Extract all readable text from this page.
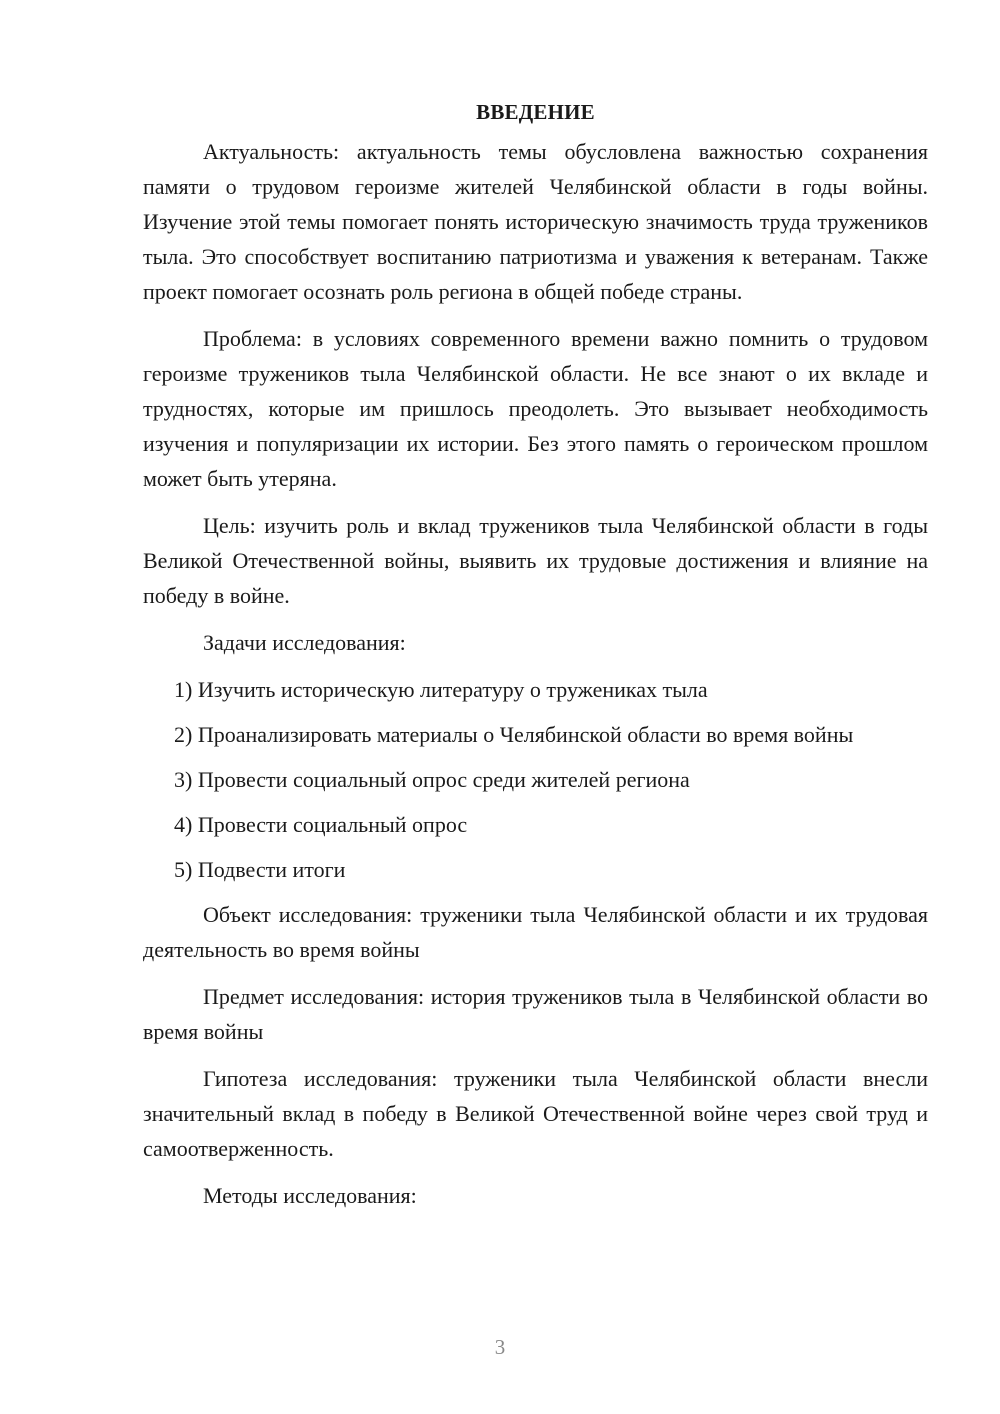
ВВЕДЕНИЕ

Актуальность: актуальность темы обусловлена важностью сохранения памяти о трудовом героизме жителей Челябинской области в годы войны. Изучение этой темы помогает понять историческую значимость труда тружеников тыла. Это способствует воспитанию патриотизма и уважения к ветеранам. Также проект помогает осознать роль региона в общей победе страны.

Проблема: в условиях современного времени важно помнить о трудовом героизме тружеников тыла Челябинской области. Не все знают о их вкладе и трудностях, которые им пришлось преодолеть. Это вызывает необходимость изучения и популяризации их истории. Без этого память о героическом прошлом может быть утеряна.

Цель: изучить роль и вклад тружеников тыла Челябинской области в годы Великой Отечественной войны, выявить их трудовые достижения и влияние на победу в войне.

Задачи исследования:

1) Изучить историческую литературу о тружениках тыла

2) Проанализировать материалы о Челябинской области во время войны

3) Провести социальный опрос среди жителей региона

4) Провести социальный опрос

5) Подвести итоги

Объект исследования: труженики тыла Челябинской области и их трудовая деятельность во время войны

Предмет исследования: история тружеников тыла в Челябинской области во время войны

Гипотеза исследования: труженики тыла Челябинской области внесли значительный вклад в победу в Великой Отечественной войне через свой труд и самоотверженность.

Методы исследования:

3
